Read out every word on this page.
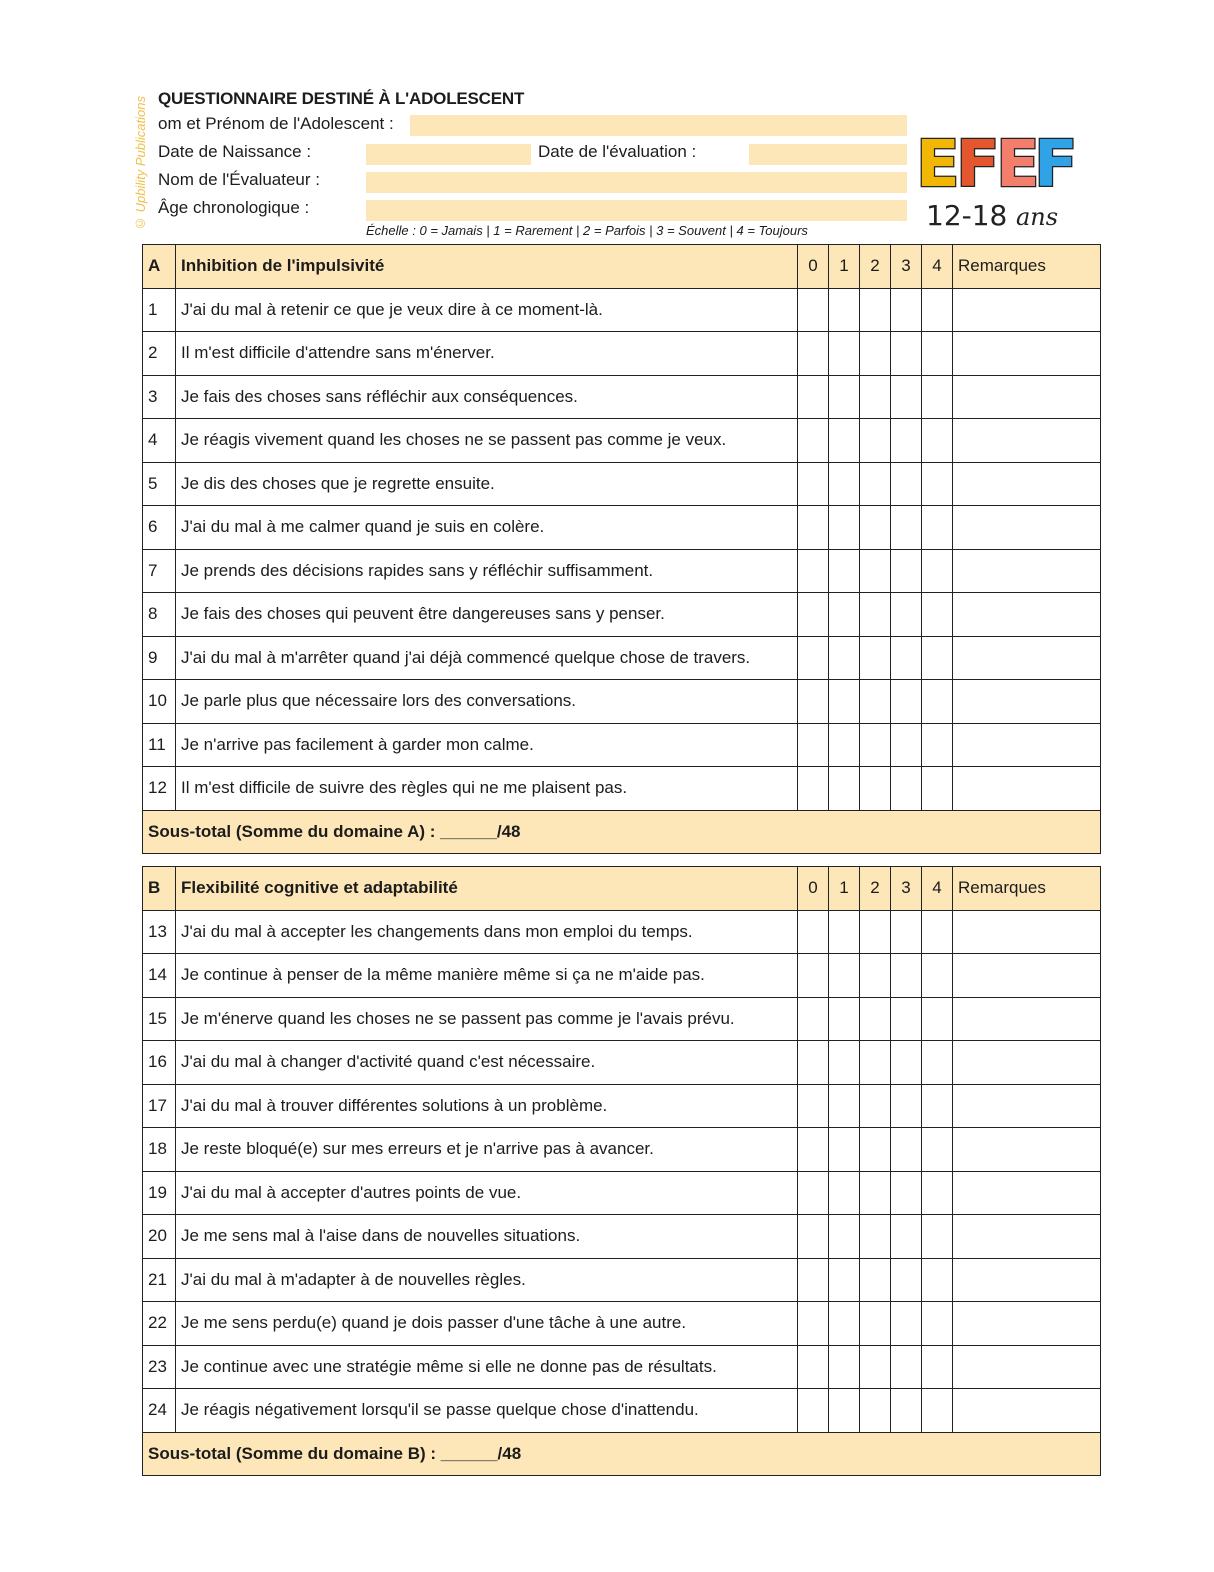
© Upbility Publications QUESTIONNAIRE DESTINÉ À L'ADOLESCENT
om et Prénom de l'Adolescent :
Date de Naissance :	Date de l'évaluation :
Nom de l'Évaluateur :
Âge chronologique :
Échelle : 0 = Jamais | 1 = Rarement | 2 = Parfois | 3 = Souvent | 4 = Toujours
E
F
E
F
12-18 ans
A	Inhibition de l'impulsivité	0	1	2	3	4	Remarques
1	J'ai du mal à retenir ce que je veux dire à ce moment-là.						
2	Il m'est difficile d'attendre sans m'énerver.						
3	Je fais des choses sans réfléchir aux conséquences.						
4	Je réagis vivement quand les choses ne se passent pas comme je veux.						
5	Je dis des choses que je regrette ensuite.						
6	J'ai du mal à me calmer quand je suis en colère.						
7	Je prends des décisions rapides sans y réfléchir suffisamment.						
8	Je fais des choses qui peuvent être dangereuses sans y penser.						
9	J'ai du mal à m'arrêter quand j'ai déjà commencé quelque chose de travers.						
10	Je parle plus que nécessaire lors des conversations.						
11	Je n'arrive pas facilement à garder mon calme.						
12	Il m'est difficile de suivre des règles qui ne me plaisent pas.						
Sous-total (Somme du domaine A) : ______/48							
B	Flexibilité cognitive et adaptabilité	0	1	2	3	4	Remarques
13	J'ai du mal à accepter les changements dans mon emploi du temps.						
14	Je continue à penser de la même manière même si ça ne m'aide pas.						
15	Je m'énerve quand les choses ne se passent pas comme je l'avais prévu.						
16	J'ai du mal à changer d'activité quand c'est nécessaire.						
17	J'ai du mal à trouver différentes solutions à un problème.						
18	Je reste bloqué(e) sur mes erreurs et je n'arrive pas à avancer.						
19	J'ai du mal à accepter d'autres points de vue.						
20	Je me sens mal à l'aise dans de nouvelles situations.						
21	J'ai du mal à m'adapter à de nouvelles règles.						
22	Je me sens perdu(e) quand je dois passer d'une tâche à une autre.						
23	Je continue avec une stratégie même si elle ne donne pas de résultats.						
24	Je réagis négativement lorsqu'il se passe quelque chose d'inattendu.						
Sous-total (Somme du domaine B) : ______/48							
